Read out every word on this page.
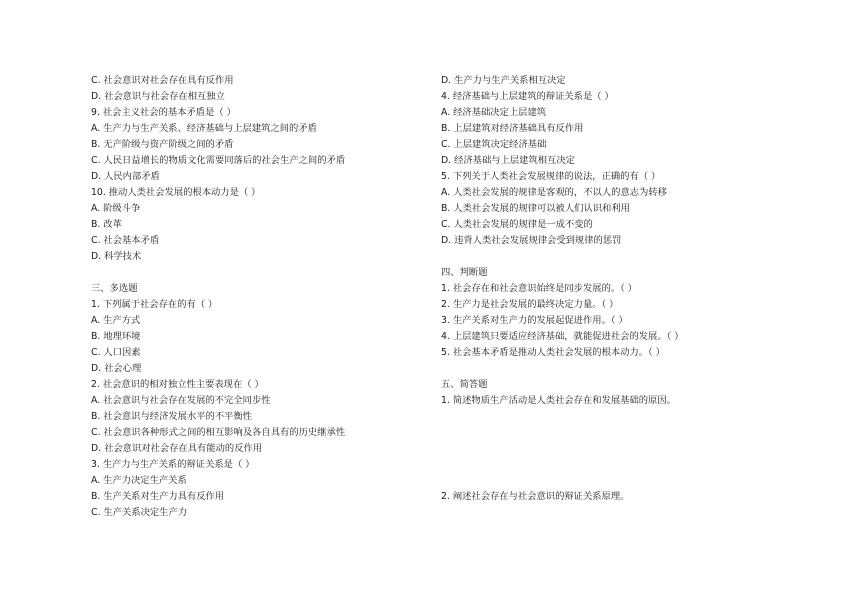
C. 社会意识对社会存在具有反作用
D. 社会意识与社会存在相互独立
9. 社会主义社会的基本矛盾是（ ）
A. 生产力与生产关系、经济基础与上层建筑之间的矛盾
B. 无产阶级与资产阶级之间的矛盾
C. 人民日益增长的物质文化需要同落后的社会生产之间的矛盾
D. 人民内部矛盾
10. 推动人类社会发展的根本动力是（ ）
A. 阶级斗争
B. 改革
C. 社会基本矛盾
D. 科学技术
三、多选题
1. 下列属于社会存在的有（ ）
A. 生产方式
B. 地理环境
C. 人口因素
D. 社会心理
2. 社会意识的相对独立性主要表现在（ ）
A. 社会意识与社会存在发展的不完全同步性
B. 社会意识与经济发展水平的不平衡性
C. 社会意识各种形式之间的相互影响及各自具有的历史继承性
D. 社会意识对社会存在具有能动的反作用
3. 生产力与生产关系的辩证关系是（ ）
A. 生产力决定生产关系
B. 生产关系对生产力具有反作用
C. 生产关系决定生产力
D. 生产力与生产关系相互决定
4. 经济基础与上层建筑的辩证关系是（ ）
A. 经济基础决定上层建筑
B. 上层建筑对经济基础具有反作用
C. 上层建筑决定经济基础
D. 经济基础与上层建筑相互决定
5. 下列关于人类社会发展规律的说法，正确的有（ ）
A. 人类社会发展的规律是客观的，不以人的意志为转移
B. 人类社会发展的规律可以被人们认识和利用
C. 人类社会发展的规律是一成不变的
D. 违背人类社会发展规律会受到规律的惩罚
四、判断题
1. 社会存在和社会意识始终是同步发展的。（ ）
2. 生产力是社会发展的最终决定力量。（ ）
3. 生产关系对生产力的发展起促进作用。（ ）
4. 上层建筑只要适应经济基础，就能促进社会的发展。（ ）
5. 社会基本矛盾是推动人类社会发展的根本动力。（ ）
五、简答题
1. 简述物质生产活动是人类社会存在和发展基础的原因。
2. 阐述社会存在与社会意识的辩证关系原理。
